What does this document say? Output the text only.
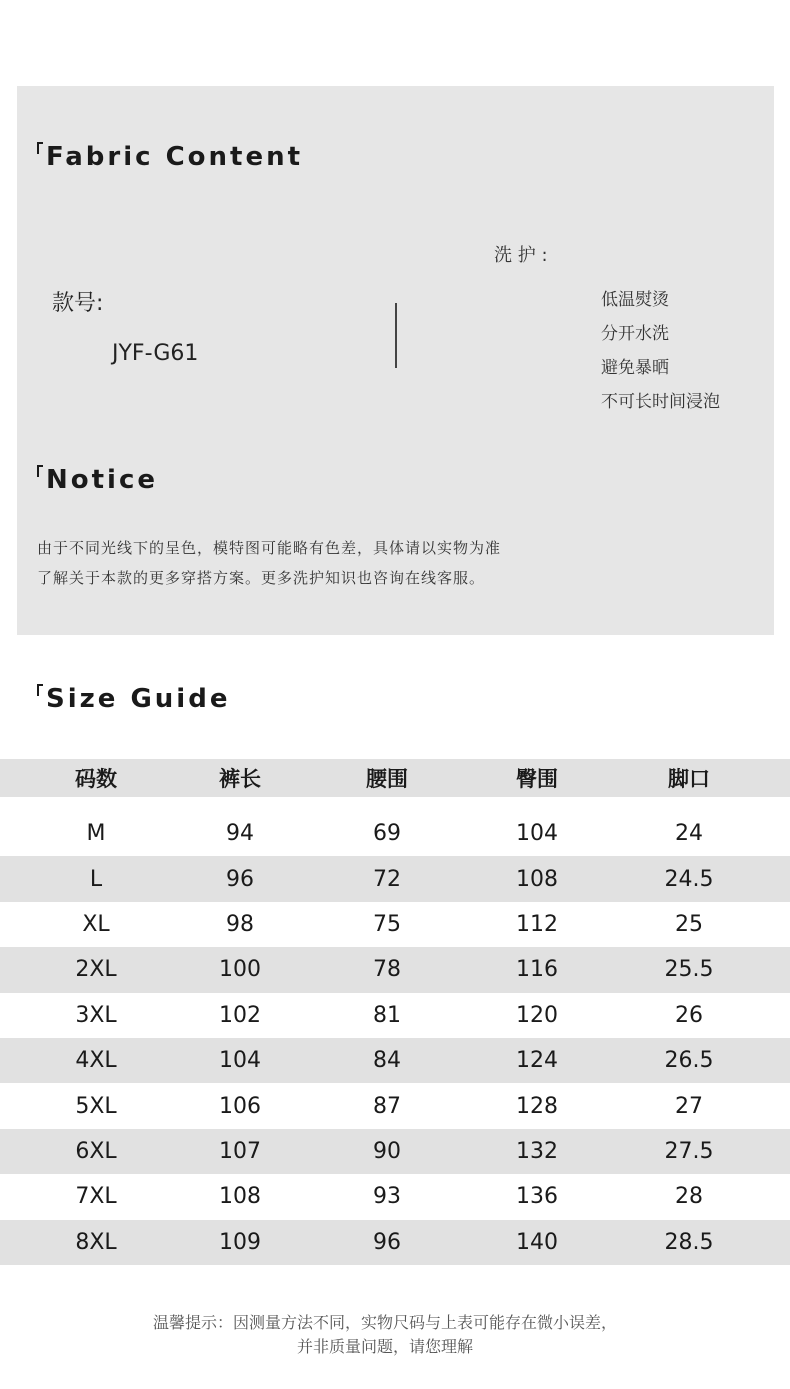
Fabric Content
洗 护 :
款号:
JYF-G61
低温熨烫
分开水洗
避免暴晒
不可长时间浸泡
Notice

由于不同光线下的呈色，模特图可能略有色差，具体请以实物为准

了解关于本款的更多穿搭方案。更多洗护知识也咨询在线客服。

Size Guide
码数	裤长	腰围	臀围	脚口
M	94	69	104	24
L	96	72	108	24.5
XL	98	75	112	25
2XL	100	78	116	25.5
3XL	102	81	120	26
4XL	104	84	124	26.5
5XL	106	87	128	27
6XL	107	90	132	27.5
7XL	108	93	136	28
8XL	109	96	140	28.5

温馨提示：因测量方法不同，实物尺码与上表可能存在微小误差，

并非质量问题，请您理解
